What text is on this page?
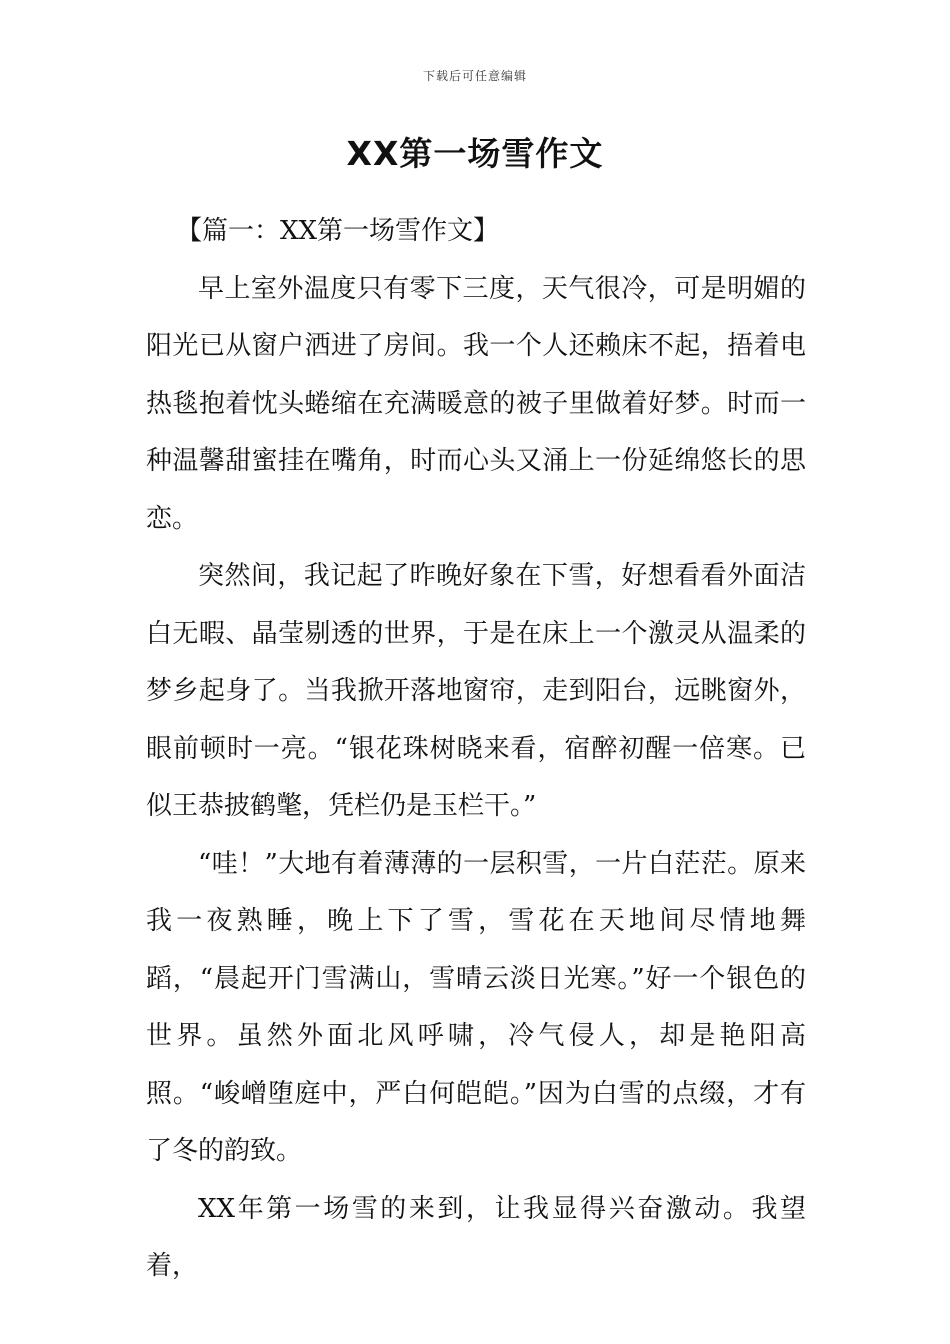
下载后可任意编辑
XX第一场雪作文

【篇一：XX第一场雪作文】

早上室外温度只有零下三度，天气很冷，可是明媚的阳光已从窗户洒进了房间。我一个人还赖床不起，捂着电热毯抱着忱头蜷缩在充满暖意的被子里做着好梦。时而一种温馨甜蜜挂在嘴角，时而心头又涌上一份延绵悠长的思恋。

突然间，我记起了昨晚好象在下雪，好想看看外面洁白无暇、晶莹剔透的世界，于是在床上一个激灵从温柔的梦乡起身了。当我掀开落地窗帘，走到阳台，远眺窗外，眼前顿时一亮。“银花珠树晓来看，宿醉初醒一倍寒。已似王恭披鹤氅，凭栏仍是玉栏干。”

“哇！”大地有着薄薄的一层积雪，一片白茫茫。原来我一夜熟睡，晚上下了雪，雪花在天地间尽情地舞蹈，“晨起开门雪满山，雪晴云淡日光寒。”好一个银色的世界。虽然外面北风呼啸，冷气侵人，却是艳阳高照。“峻嶒堕庭中，严白何皑皑。”因为白雪的点缀，才有了冬的韵致。

XX年第一场雪的来到，让我显得兴奋激动。我望着，
